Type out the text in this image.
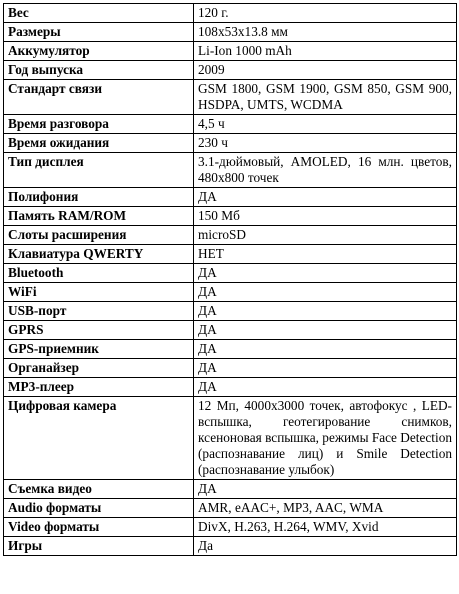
Вес	120 г.
Размеры	108x53x13.8 мм
Аккумулятор	Li-Ion 1000 mAh
Год выпуска	2009
Стандарт связи	GSM 1800, GSM 1900, GSM 850, GSM 900, HSDPA, UMTS, WCDMA
Время разговора	4,5 ч
Время ожидания	230 ч
Тип дисплея	3.1-дюймовый, AMOLED, 16 млн. цветов, 480x800 точек
Полифония	ДА
Память RAM/ROM	150 Мб
Слоты расширения	microSD
Клавиатура QWERTY	НЕТ
Bluetooth	ДА
WiFi	ДА
USB-порт	ДА
GPRS	ДА
GPS-приемник	ДА
Органайзер	ДА
MP3-плеер	ДА
Цифровая камера	12 Мп, 4000x3000 точек, автофокус , LED-вспышка, геотегирование снимков, ксеноновая вспышка, режимы Face Detection (распознавание лиц) и Smile Detection (распознавание улыбок)
Съемка видео	ДА
Audio форматы	AMR, eAAC+, MP3, AAC, WMA
Video форматы	DivX, H.263, H.264, WMV, Xvid
Игры	Да
